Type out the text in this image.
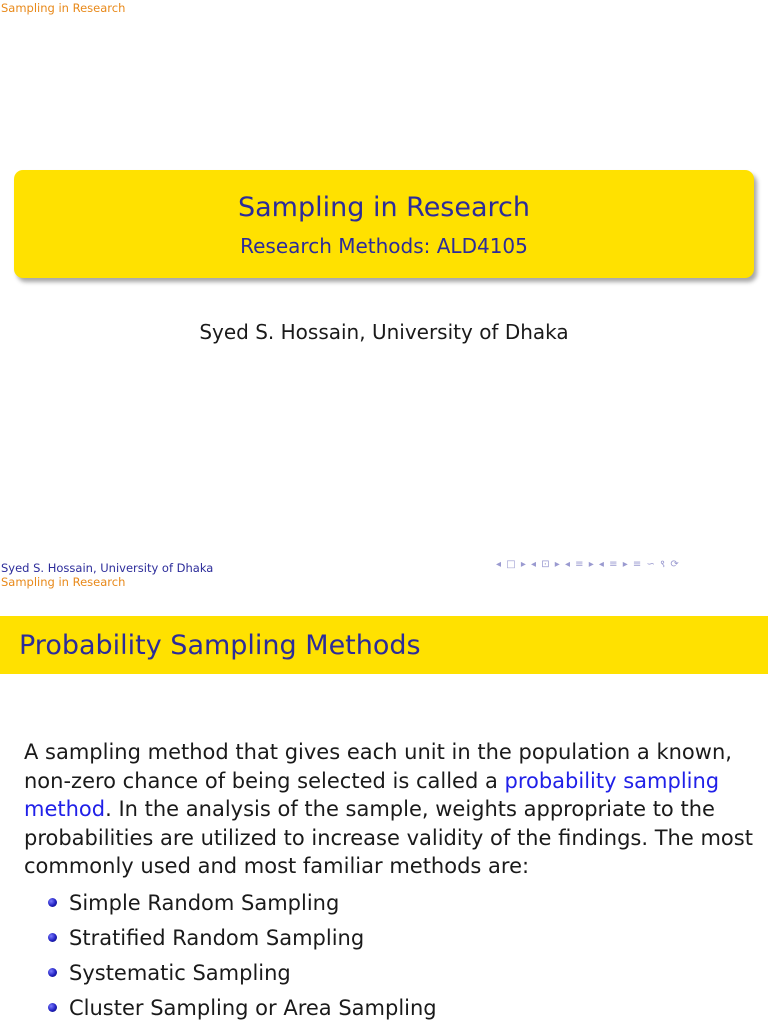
Sampling in Research
Sampling in Research
Research Methods: ALD4105
Syed S. Hossain, University of Dhaka
Syed S. Hossain, University of Dhaka
Sampling in Research
◂ □ ▸ ◂ ⊡ ▸ ◂ ≡ ▸ ◂ ≡ ▸ ≡ ∽ ९ ⟳
Probability Sampling Methods
A sampling method that gives each unit in the population a known, non-zero chance of being selected is called a probability sampling method. In the analysis of the sample, weights appropriate to the probabilities are utilized to increase validity of the findings. The most commonly used and most familiar methods are:
Simple Random Sampling
Stratified Random Sampling
Systematic Sampling
Cluster Sampling or Area Sampling
